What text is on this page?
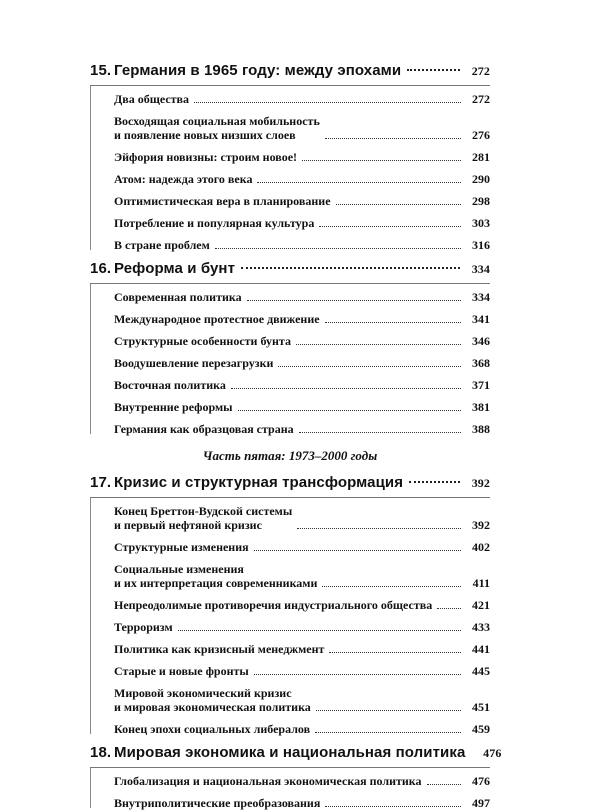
15. Германия в 1965 году: между эпохами	272
Два общества	272
Восходящая социальная мобильность
и появление новых низших слоев	276
Эйфория новизны: строим новое!	281
Атом: надежда этого века	290
Оптимистическая вера в планирование	298
Потребление и популярная культура	303
В стране проблем	316
16. Реформа и бунт	334
Современная политика	334
Международное протестное движение	341
Структурные особенности бунта	346
Воодушевление перезагрузки	368
Восточная политика	371
Внутренние реформы	381
Германия как образцовая страна	388
Часть пятая: 1973–2000 годы
17. Кризис и структурная трансформация	392
Конец Бреттон-Вудской системы
и первый нефтяной кризис	392
Структурные изменения	402
Социальные изменения
и их интерпретация современниками	411
Непреодолимые противоречия индустриального общества	421
Терроризм	433
Политика как кризисный менеджмент	441
Старые и новые фронты	445
Мировой экономический кризис
и мировая экономическая политика	451
Конец эпохи социальных либералов	459
18. Мировая экономика и национальная политика	476
Глобализация и национальная экономическая политика	476
Внутриполитические преобразования	497
